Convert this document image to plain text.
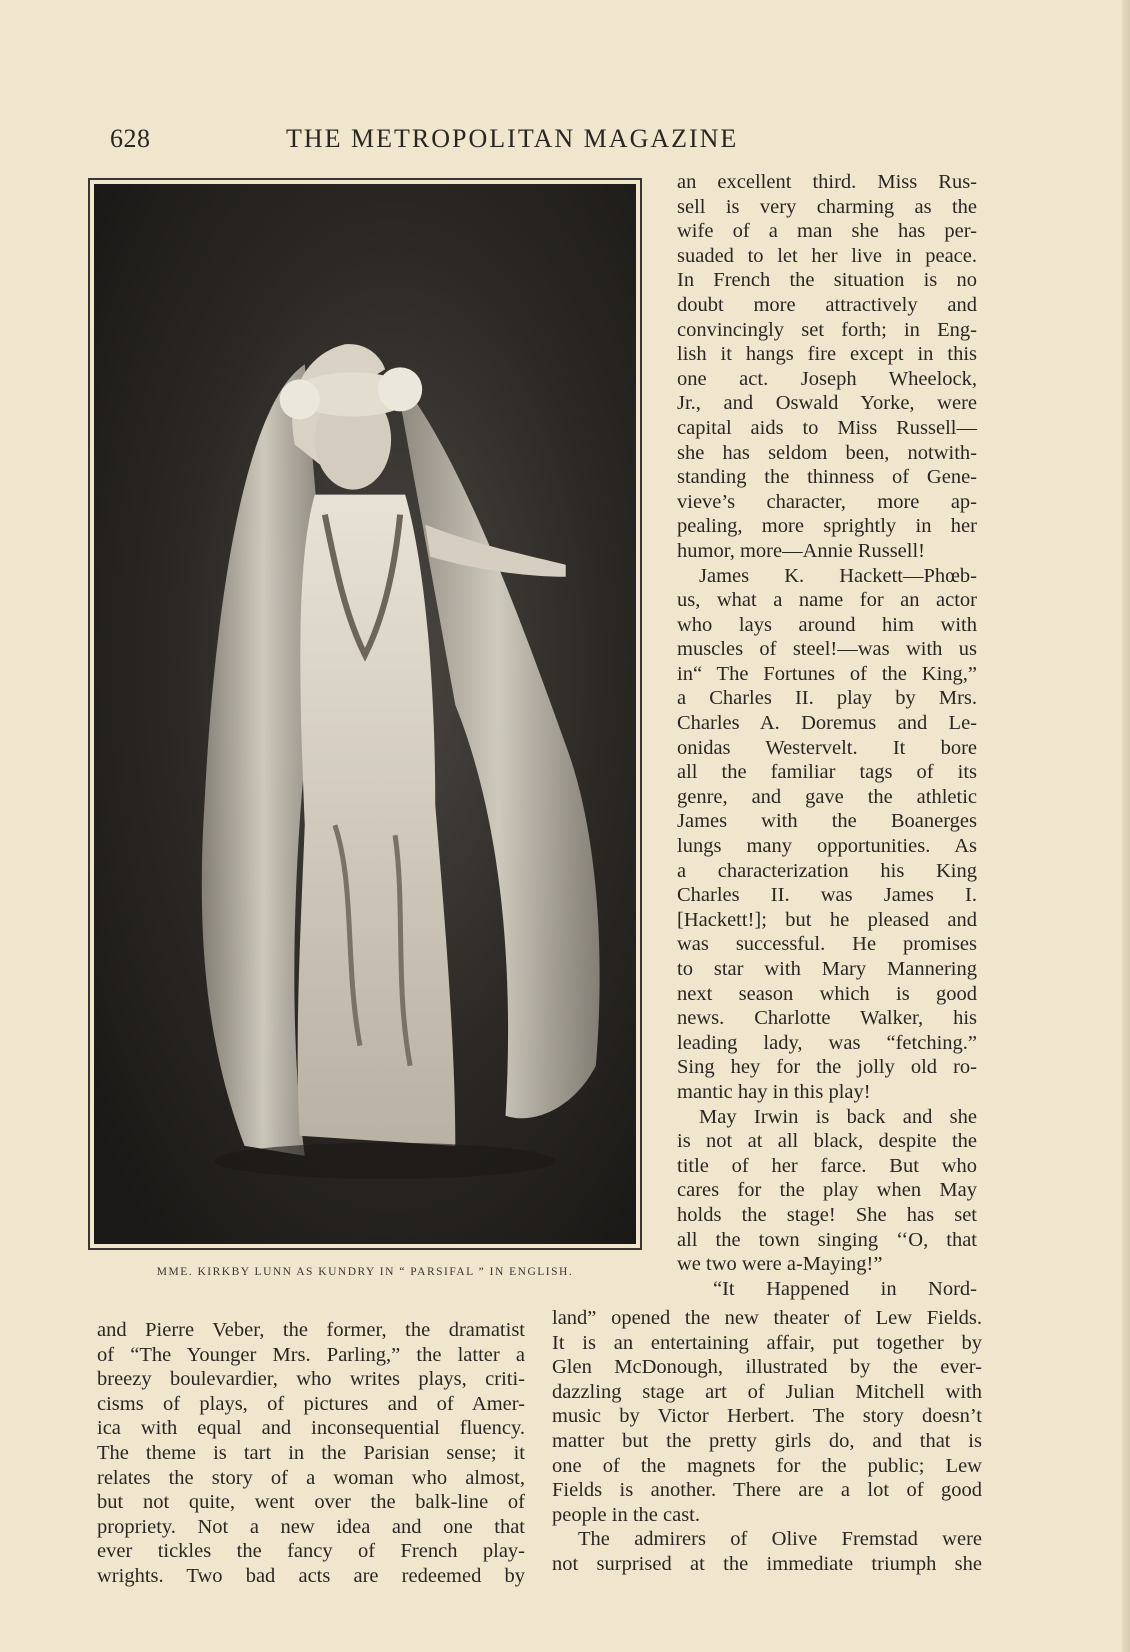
628	THE METROPOLITAN MAGAZINE
MME. KIRKBY LUNN AS KUNDRY IN “ PARSIFAL ” IN ENGLISH.
an excellent third. Miss Rus-
sell is very charming as the
wife of a man she has per-
suaded to let her live in peace.
In French the situation is no
doubt more attractively and
convincingly set forth; in Eng-
lish it hangs fire except in this
one act. Joseph Wheelock,
Jr., and Oswald Yorke, were
capital aids to Miss Russell—
she has seldom been, notwith-
standing the thinness of Gene-
vieve’s character, more ap-
pealing, more sprightly in her
humor, more—Annie Russell!
James K. Hackett—Phœb-
us, what a name for an actor
who lays around him with
muscles of steel!—was with us
in“ The Fortunes of the King,”
a Charles II. play by Mrs.
Charles A. Doremus and Le-
onidas Westervelt. It bore
all the familiar tags of its
genre, and gave the athletic
James with the Boanerges
lungs many opportunities. As
a characterization his King
Charles II. was James I.
[Hackett!]; but he pleased and
was successful. He promises
to star with Mary Mannering
next season which is good
news. Charlotte Walker, his
leading lady, was “fetching.”
Sing hey for the jolly old ro-
mantic hay in this play!
May Irwin is back and she
is not at all black, despite the
title of her farce. But who
cares for the play when May
holds the stage! She has set
all the town singing ‘‘O, that
we two were a-Maying!”
“It Happened in Nord-
and Pierre Veber, the former, the dramatist
of “The Younger Mrs. Parling,” the latter a
breezy boulevardier, who writes plays, criti-
cisms of plays, of pictures and of Amer-
ica with equal and inconsequential fluency.
The theme is tart in the Parisian sense; it
relates the story of a woman who almost,
but not quite, went over the balk-line of
propriety. Not a new idea and one that
ever tickles the fancy of French play-
wrights. Two bad acts are redeemed by
land” opened the new theater of Lew Fields.
It is an entertaining affair, put together by
Glen McDonough, illustrated by the ever-
dazzling stage art of Julian Mitchell with
music by Victor Herbert. The story doesn’t
matter but the pretty girls do, and that is
one of the magnets for the public; Lew
Fields is another. There are a lot of good
people in the cast.
The admirers of Olive Fremstad were
not surprised at the immediate triumph she
